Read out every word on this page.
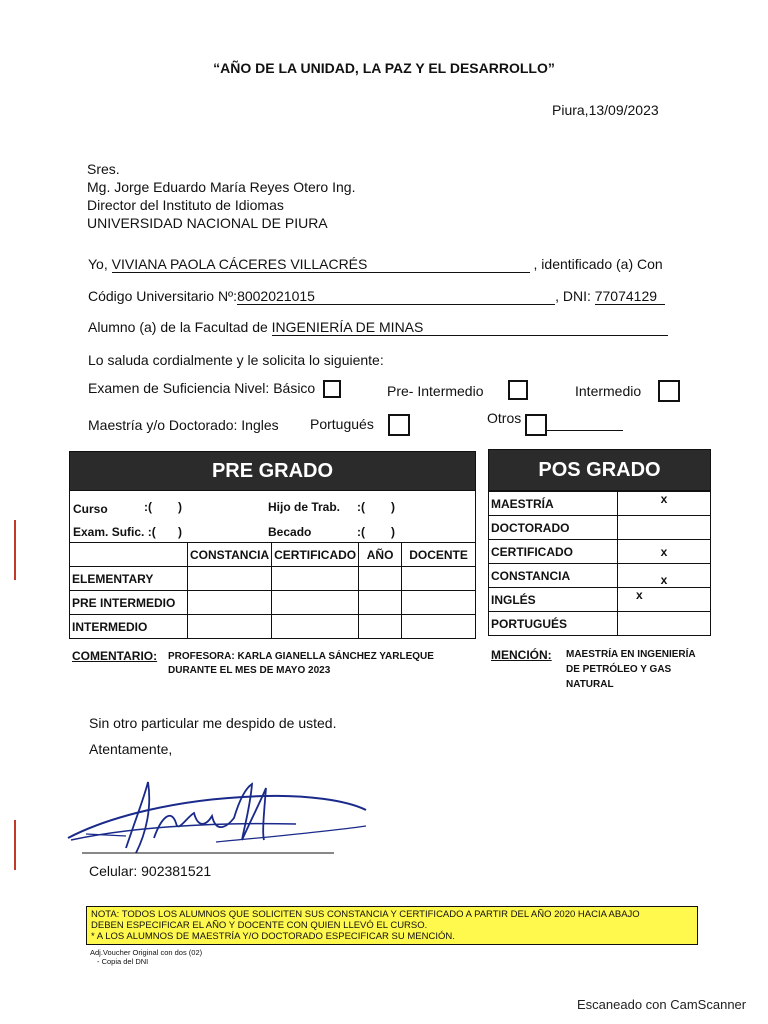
“AÑO DE LA UNIDAD, LA PAZ Y EL DESARROLLO”
Piura,13/09/2023
Sres.
Mg. Jorge Eduardo María Reyes Otero Ing.
Director del Instituto de Idiomas
UNIVERSIDAD NACIONAL DE PIURA
Yo, VIVIANA PAOLA CÁCERES VILLACRÉS	, identificado (a) Con
Código Universitario Nº:8002021015	, DNI: 77074129
Alumno (a) de la Facultad de INGENIERÍA DE MINAS
Lo saluda cordialmente y le solicita lo siguiente:
Examen de Suficiencia Nivel: Básico	Pre- Intermedio	Intermedio
Maestría y/o Doctorado: Ingles Portugués	Otros
PRE GRADO
Curso	:( )
Exam. Sufic. :( )
Hijo de Trab. :( )
Becado	:( )
	CONSTANCIA	CERTIFICADO	AÑO	DOCENTE
ELEMENTARY				
PRE INTERMEDIO				
INTERMEDIO				
COMENTARIO: PROFESORA: KARLA GIANELLA SÁNCHEZ YARLEQUE
DURANTE EL MES DE MAYO 2023
POS GRADO
MAESTRÍA	x
DOCTORADO	
CERTIFICADO	x
CONSTANCIA	x
INGLÉS	x
PORTUGUÉS	
MENCIÓN: MAESTRÍA EN INGENIERÍA
DE PETRÓLEO Y GAS
NATURAL
Sin otro particular me despido de usted.
Atentamente,
Celular: 902381521
NOTA: TODOS LOS ALUMNOS QUE SOLICITEN SUS CONSTANCIA Y CERTIFICADO A PARTIR DEL AÑO 2020 HACIA ABAJO
DEBEN ESPECIFICAR EL AÑO Y DOCENTE CON QUIEN LLEVÓ EL CURSO.
* A LOS ALUMNOS DE MAESTRÍA Y/O DOCTORADO ESPECIFICAR SU MENCIÓN.
Adj.Voucher Original con dos (02)
- Copia del DNI
Escaneado con CamScanner
